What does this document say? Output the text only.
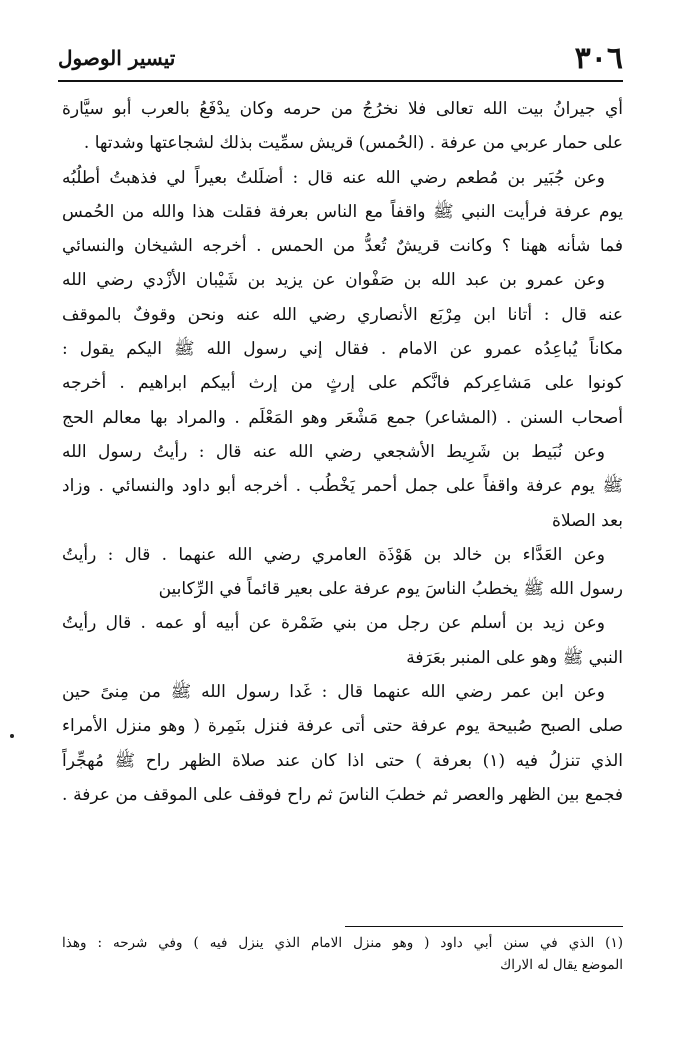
٣٠٦
تيسير الوصول

أي جيرانُ بيت الله تعالى فلا نخرُجُ من حرمه وكان يدْفَعُ بالعرب أبو سيَّارة
على حمار عربي من عرفة . (الحُمس) قريش سمِّيت بذلك لشجاعتها وشدتها .

وعن جُبَير بن مُطعم رضي الله عنه قال : أضلَلتُ بعيراً لي فذهبتُ أطلُبُه
يوم عرفة فرأيت النبي ﷺ واقفاً مع الناس بعرفة فقلت هذا والله من الحُمس
فما شأنه ههنا ؟ وكانت قريشٌ تُعدُّ من الحمس . أخرجه الشيخان والنسائي

وعن عمرو بن عبد الله بن صَفْوان عن يزيد بن شَيْبان الأزْدي رضي الله
عنه قال : أتانا ابن مِرْبَع الأنصاري رضي الله عنه ونحن وقوفٌ بالموقف
مكاناً يُباعِدُه عمرو عن الامام . فقال إني رسول الله ﷺ اليكم يقول :
كونوا على مَشاعِركم فانَّكم على إرثٍ من إرث أبيكم ابراهيم . أخرجه
أصحاب السنن . (المشاعر) جمع مَشْعَر وهو المَعْلَم . والمراد بها معالم الحج

وعن نُبَيط بن شَرِيط الأشجعي رضي الله عنه قال : رأيتُ رسول الله
ﷺ يوم عرفة واقفاً على جمل أحمر يَخْطُب . أخرجه أبو داود والنسائي . وزاد
بعد الصلاة

وعن العَدَّاء بن خالد بن هَوْذَة العامري رضي الله عنهما . قال : رأيتُ
رسول الله ﷺ يخطبُ الناسَ يوم عرفة على بعير قائماً في الرِّكابين

وعن زيد بن أسلم عن رجل من بني ضَمْرة عن أبيه أو عمه . قال رأيتُ
النبي ﷺ وهو على المنبر بعَرَفة

وعن ابن عمر رضي الله عنهما قال : غَدا رسول الله ﷺ من مِنىً حين
صلى الصبح صُبيحة يوم عرفة حتى أتى عرفة فنزل بنَمِرة ( وهو منزل الأمراء
الذي تنزلُ فيه (١) بعرفة ) حتى اذا كان عند صلاة الظهر راح ﷺ مُهجِّراً
فجمع بين الظهر والعصر ثم خطبَ الناسَ ثم راح فوقف على الموقف من عرفة .

(١) الذي في سنن أبي داود ( وهو منزل الامام الذي ينزل فيه ) وفي شرحه : وهذا
الموضع يقال له الاراك
